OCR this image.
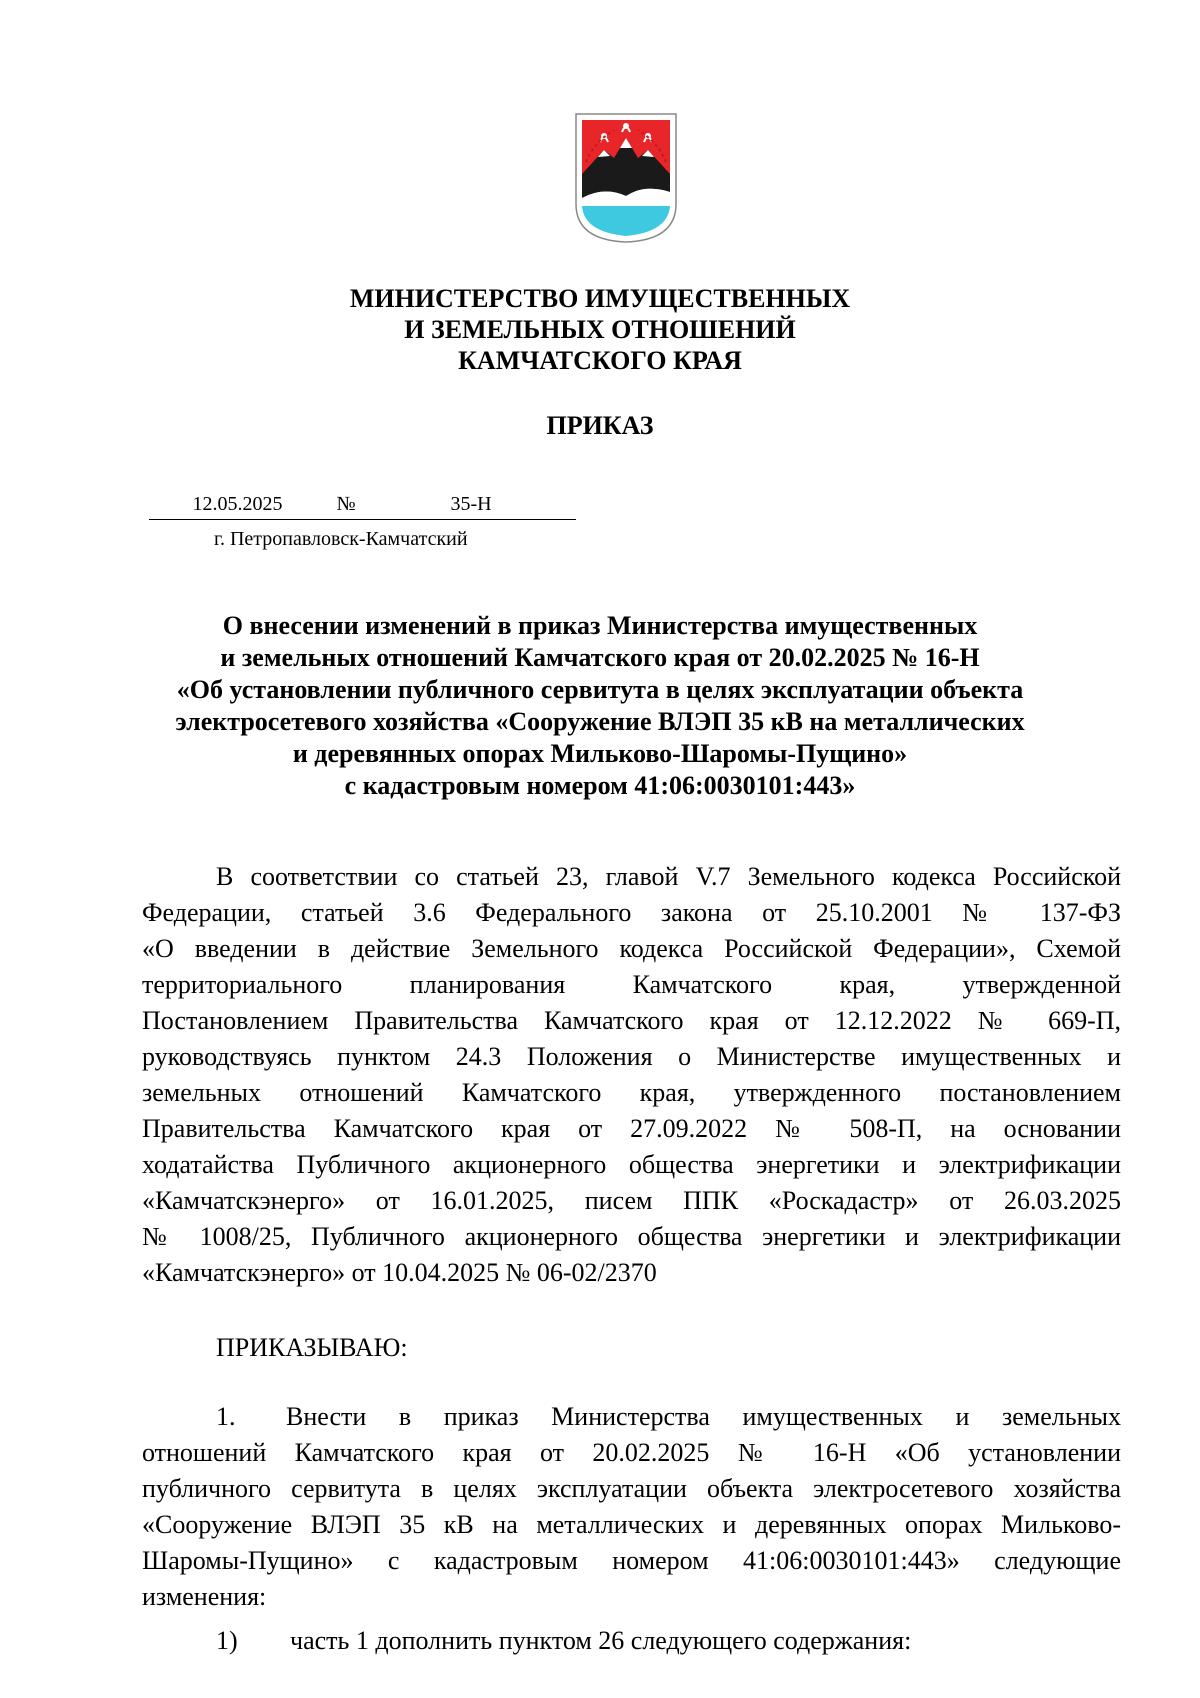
МИНИСТЕРСТВО ИМУЩЕСТВЕННЫХ
И ЗЕМЕЛЬНЫХ ОТНОШЕНИЙ
КАМЧАТСКОГО КРАЯ
ПРИКАЗ
12.05.2025	№	35-Н
г. Петропавловск-Камчатский
О внесении изменений в приказ Министерства имущественных
и земельных отношений Камчатского края от 20.02.2025 № 16-Н
«Об установлении публичного сервитута в целях эксплуатации объекта
электросетевого хозяйства «Сооружение ВЛЭП 35 кВ на металлических
и деревянных опорах Мильково-Шаромы-Пущино»
с кадастровым номером 41:06:0030101:443»
В соответствии со статьей 23, главой V.7 Земельного кодекса Российской
Федерации, статьей 3.6 Федерального закона от 25.10.2001 № 137-ФЗ
«О введении в действие Земельного кодекса Российской Федерации», Схемой
территориального планирования Камчатского края, утвержденной
Постановлением Правительства Камчатского края от 12.12.2022 № 669-П,
руководствуясь пунктом 24.3 Положения о Министерстве имущественных и
земельных отношений Камчатского края, утвержденного постановлением
Правительства Камчатского края от 27.09.2022 № 508-П, на основании
ходатайства Публичного акционерного общества энергетики и электрификации
«Камчатскэнерго» от 16.01.2025, писем ППК «Роскадастр» от 26.03.2025
№ 1008/25, Публичного акционерного общества энергетики и электрификации
«Камчатскэнерго» от 10.04.2025 № 06-02/2370
ПРИКАЗЫВАЮ:
1. Внести в приказ Министерства имущественных и земельных
отношений Камчатского края от 20.02.2025 № 16-Н «Об установлении
публичного сервитута в целях эксплуатации объекта электросетевого хозяйства
«Сооружение ВЛЭП 35 кВ на металлических и деревянных опорах Мильково-
Шаромы-Пущино» с кадастровым номером 41:06:0030101:443» следующие
изменения:
1) часть 1 дополнить пунктом 26 следующего содержания:
